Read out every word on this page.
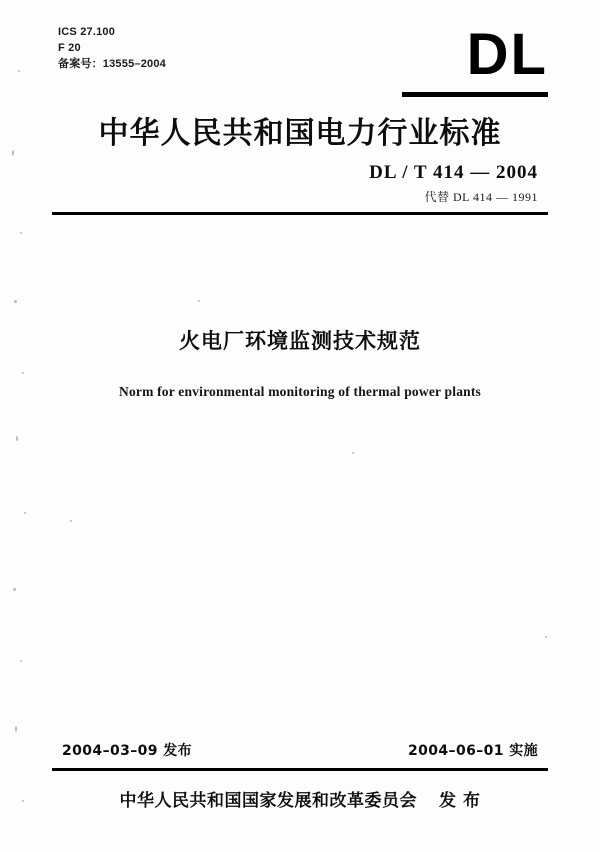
ICS 27.100
F 20
备案号：13555–2004	DL
中华人民共和国电力行业标准
DL / T 414 — 2004
代替 DL 414 — 1991
火电厂环境监测技术规范
Norm for environmental monitoring of thermal power plants
2004–03–09 发布	2004–06–01 实施
中华人民共和国国家发展和改革委员会 发 布
